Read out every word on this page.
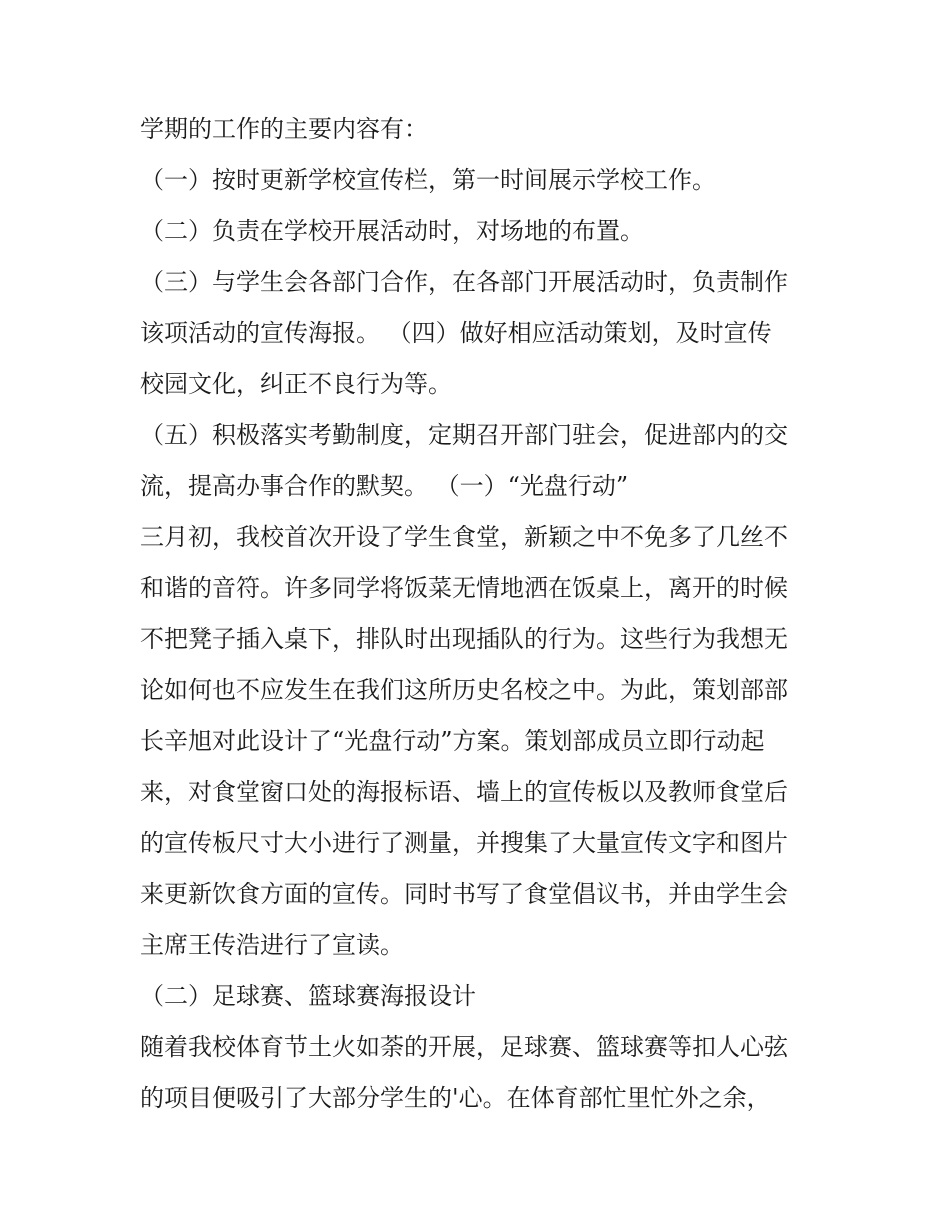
学期的工作的主要内容有：
（一）按时更新学校宣传栏，第一时间展示学校工作。
（二）负责在学校开展活动时，对场地的布置。
（三）与学生会各部门合作，在各部门开展活动时，负责制作
该项活动的宣传海报。 （四）做好相应活动策划，及时宣传
校园文化，纠正不良行为等。
（五）积极落实考勤制度，定期召开部门驻会，促进部内的交
流，提高办事合作的默契。 （一）“光盘行动”
三月初，我校首次开设了学生食堂，新颖之中不免多了几丝不
和谐的音符。许多同学将饭菜无情地洒在饭桌上，离开的时候
不把凳子插入桌下，排队时出现插队的行为。这些行为我想无
论如何也不应发生在我们这所历史名校之中。为此，策划部部
长辛旭对此设计了“光盘行动”方案。策划部成员立即行动起
来，对食堂窗口处的海报标语、墙上的宣传板以及教师食堂后
的宣传板尺寸大小进行了测量，并搜集了大量宣传文字和图片
来更新饮食方面的宣传。同时书写了食堂倡议书，并由学生会
主席王传浩进行了宣读。
（二）足球赛、篮球赛海报设计
随着我校体育节土火如荼的开展，足球赛、篮球赛等扣人心弦
的项目便吸引了大部分学生的'心。在体育部忙里忙外之余，
